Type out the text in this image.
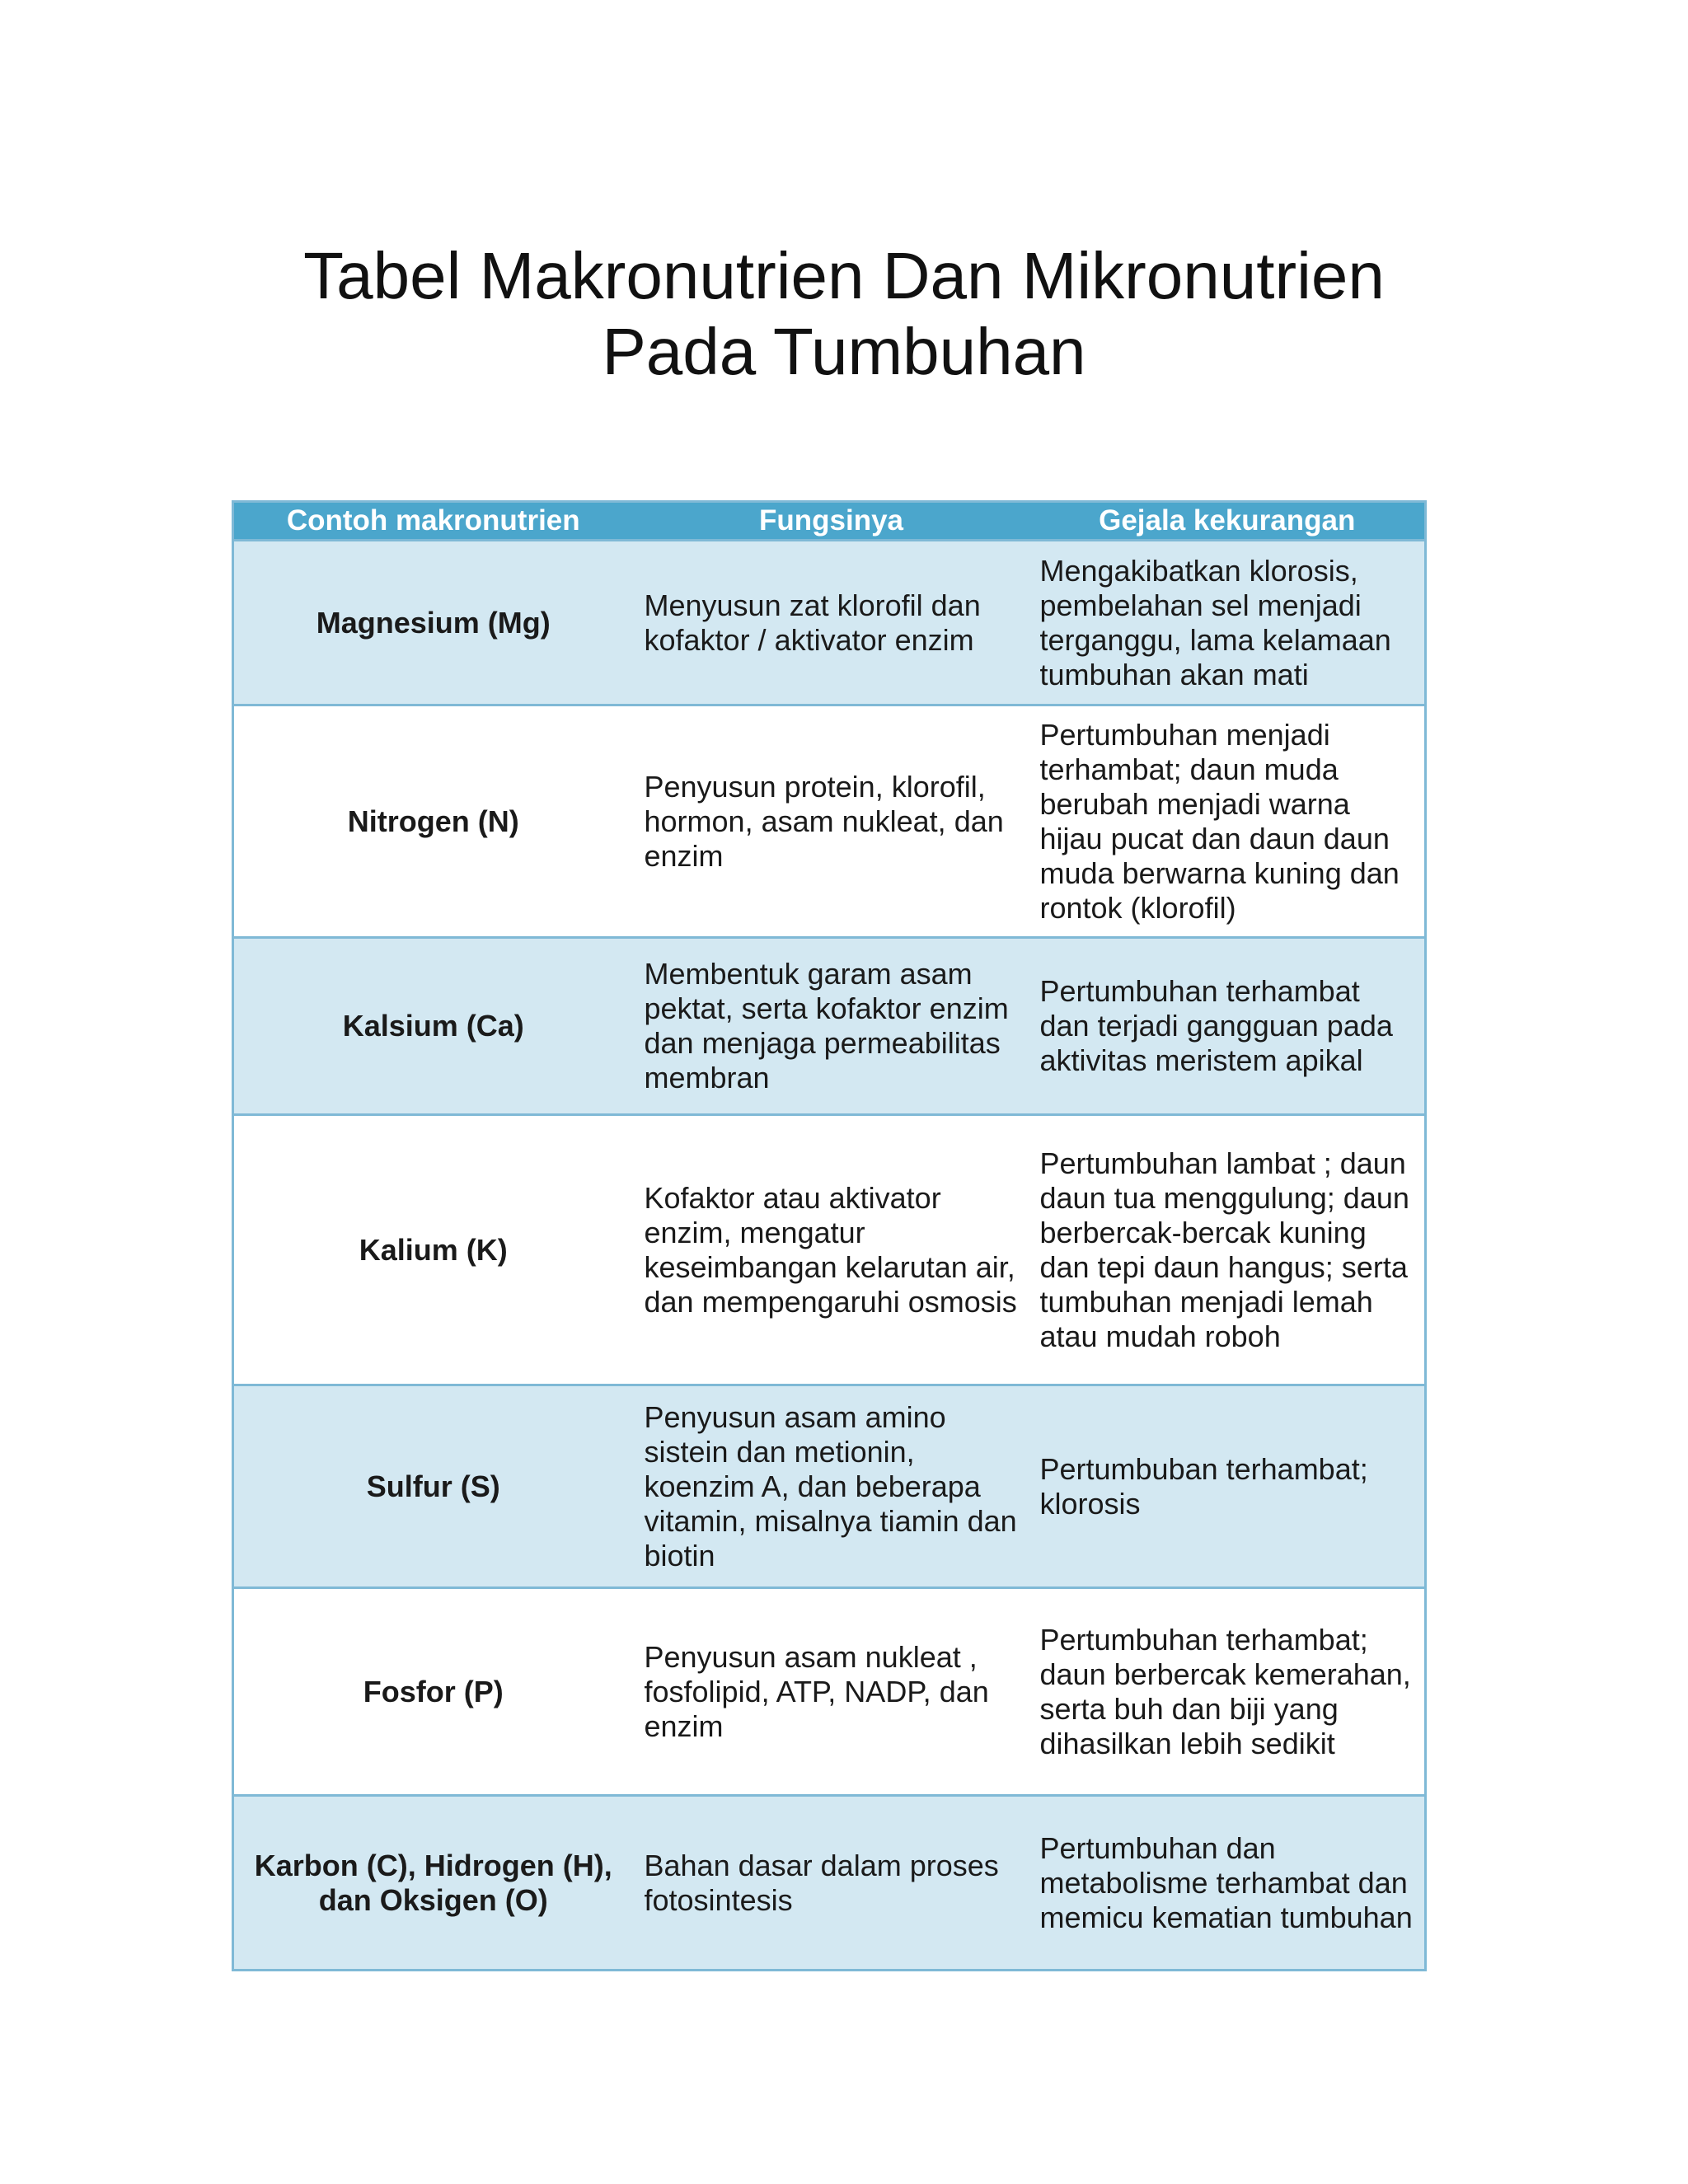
Tabel Makronutrien Dan Mikronutrien
Pada Tumbuhan
Contoh makronutrien	Fungsinya	Gejala kekurangan
Magnesium (Mg)	Menyusun zat klorofil dan kofaktor / aktivator enzim	Mengakibatkan klorosis, pembelahan sel menjadi terganggu, lama kelamaan tumbuhan akan mati
Nitrogen (N)	Penyusun protein, klorofil, hormon, asam nukleat, dan enzim	Pertumbuhan menjadi terhambat; daun muda berubah menjadi warna hijau pucat dan daun daun muda berwarna kuning dan rontok (klorofil)
Kalsium (Ca)	Membentuk garam asam pektat, serta kofaktor enzim dan menjaga permeabilitas membran	Pertumbuhan terhambat dan terjadi gangguan pada aktivitas meristem apikal
Kalium (K)	Kofaktor atau aktivator enzim, mengatur keseimbangan kelarutan air, dan mempengaruhi osmosis	Pertumbuhan lambat ; daun daun tua menggulung; daun berbercak-bercak kuning dan tepi daun hangus; serta tumbuhan menjadi lemah atau mudah roboh
Sulfur (S)	Penyusun asam amino sistein dan metionin, koenzim A, dan beberapa vitamin, misalnya tiamin dan biotin	Pertumbuban terhambat; klorosis
Fosfor (P)	Penyusun asam nukleat , fosfolipid, ATP, NADP, dan enzim	Pertumbuhan terhambat; daun berbercak kemerahan, serta buh dan biji yang dihasilkan lebih sedikit
Karbon (C), Hidrogen (H), dan Oksigen (O)	Bahan dasar dalam proses fotosintesis	Pertumbuhan dan metabolisme terhambat dan memicu kematian tumbuhan
